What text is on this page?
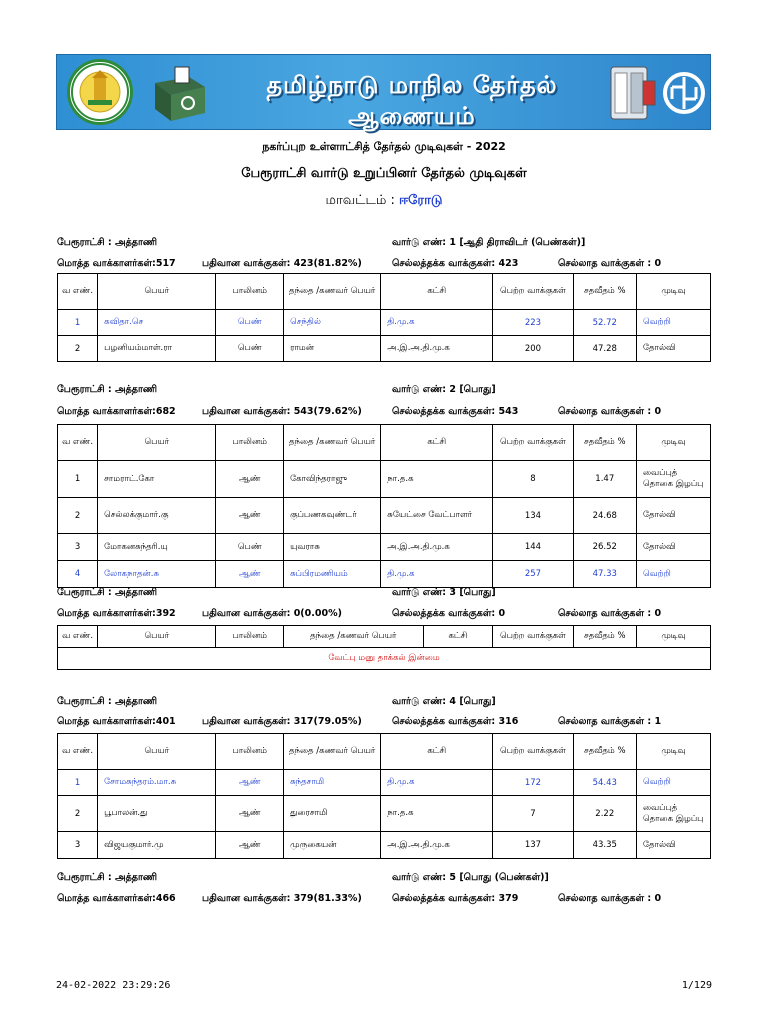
தமிழ்நாடு மாநில தேர்தல் ஆணையம்
நகர்ப்புற உள்ளாட்சித் தேர்தல் முடிவுகள் - 2022
பேரூராட்சி வார்டு உறுப்பினர் தேர்தல் முடிவுகள்
மாவட்டம் : ஈரோடு
பேரூராட்சி : அத்தாணி	வார்டு எண்: 1 [ஆதி திராவிடர் (பெண்கள்)]
மொத்த வாக்காளர்கள்:517	பதிவான வாக்குகள்: 423(81.82%)	செல்லத்தக்க வாக்குகள்: 423	செல்லாத வாக்குகள் : 0
வ எண்.	பெயர்	பாலினம்	தந்தை /கணவர் பெயர்	கட்சி	பெற்ற வாக்குகள்	சதவீதம் %	முடிவு
1	கவிதா.செ	பெண்	செந்தில்	தி.மு.க	223	52.72	வெற்றி
2	பழனியம்மாள்.ரா	பெண்	ராமன்	அ.இ.அ.தி.மு.க	200	47.28	தோல்வி
பேரூராட்சி : அத்தாணி	வார்டு எண்: 2 [பொது]
மொத்த வாக்காளர்கள்:682	பதிவான வாக்குகள்: 543(79.62%)	செல்லத்தக்க வாக்குகள்: 543	செல்லாத வாக்குகள் : 0
வ எண்.	பெயர்	பாலினம்	தந்தை /கணவர் பெயர்	கட்சி	பெற்ற வாக்குகள்	சதவீதம் %	முடிவு
1	சாமராட்.கோ	ஆண்	கோவிந்தராஜு	நா.த.க	8	1.47	வைப்புத் தொகை இழப்பு
2	செல்லக்குமார்.கு	ஆண்	குப்பணகவுண்டர்	சுயேட்சை வேட்பாளர்	134	24.68	தோல்வி
3	மோகனசுந்தரி.யு	பெண்	யுவராசு	அ.இ.அ.தி.மு.க	144	26.52	தோல்வி
4	லோகநாதன்.சு	ஆண்	சுப்பிரமணியம்	தி.மு.க	257	47.33	வெற்றி
பேரூராட்சி : அத்தாணி	வார்டு எண்: 3 [பொது]
மொத்த வாக்காளர்கள்:392	பதிவான வாக்குகள்: 0(0.00%)	செல்லத்தக்க வாக்குகள்: 0	செல்லாத வாக்குகள் : 0
வ எண்.	பெயர்	பாலினம்	தந்தை /கணவர் பெயர்	கட்சி	பெற்ற வாக்குகள்	சதவீதம் %	முடிவு
வேட்பு மனு தாக்கல் இன்மை
பேரூராட்சி : அத்தாணி	வார்டு எண்: 4 [பொது]
மொத்த வாக்காளர்கள்:401	பதிவான வாக்குகள்: 317(79.05%)	செல்லத்தக்க வாக்குகள்: 316	செல்லாத வாக்குகள் : 1
வ எண்.	பெயர்	பாலினம்	தந்தை /கணவர் பெயர்	கட்சி	பெற்ற வாக்குகள்	சதவீதம் %	முடிவு
1	சோமசுந்தரம்.மா.சு	ஆண்	சுந்தசாமி	தி.மு.க	172	54.43	வெற்றி
2	பூபாலன்.து	ஆண்	துரைசாமி	நா.த.க	7	2.22	வைப்புத் தொகை இழப்பு
3	விஜயகுமார்.மு	ஆண்	முருகையன்	அ.இ.அ.தி.மு.க	137	43.35	தோல்வி
பேரூராட்சி : அத்தாணி	வார்டு எண்: 5 [பொது (பெண்கள்)]
மொத்த வாக்காளர்கள்:466	பதிவான வாக்குகள்: 379(81.33%)	செல்லத்தக்க வாக்குகள்: 379	செல்லாத வாக்குகள் : 0
24-02-2022 23:29:26	1/129
